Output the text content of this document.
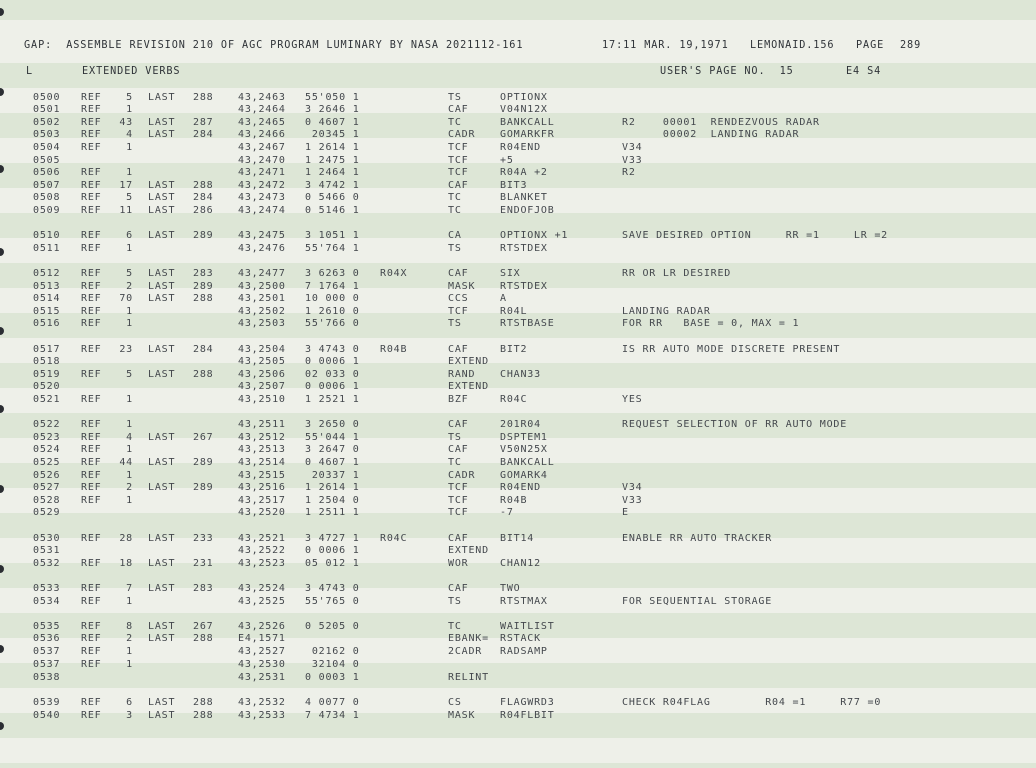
GAP:  ASSEMBLE REVISION 210 OF AGC PROGRAM LUMINARY BY NASA 2021112-161

	17:11 MAR. 19,1971

LEMONAID.156

PAGE

289

L

	EXTENDED VERBS

	USER'S PAGE NO.  15

	E4 S4

0500 REF	5 LAST 288 43,2463 55'050 1	TS	OPTIONX
0501 REF	1	43,2464 3 2646 1	CAF	V04N12X
0502 REF	43 LAST 287 43,2465 0 4607 1	TC	BANKCALL	R2    00001  RENDEZVOUS RADAR
0503 REF	4 LAST 284 43,2466 20345 1	CADR GOMARKFR	00002  LANDING RADAR
0504 REF	1	43,2467 1 2614 1	TCF	R04END	V34
0505	43,2470 1 2475 1	TCF	+5	V33
0506 REF	1	43,2471 1 2464 1	TCF	R04A +2	R2
0507 REF	17 LAST 288 43,2472 3 4742 1	CAF	BIT3
0508 REF	5 LAST 284 43,2473 0 5466 0	TC	BLANKET
0509 REF	11 LAST 286 43,2474 0 5146 1	TC	ENDOFJOB
0510 REF	6 LAST 289 43,2475 3 1051 1	CA	OPTIONX +1	SAVE DESIRED OPTION     RR =1     LR =2
0511 REF	1	43,2476 55'764 1	TS	RTSTDEX
0512 REF	5 LAST 283 43,2477 3 6263 0 R04X	CAF	SIX	RR OR LR DESIRED
0513 REF	2 LAST 289 43,2500 7 1764 1	MASK RTSTDEX
0514 REF	70 LAST 288 43,2501 10 000 0	CCS	A
0515 REF	1	43,2502 1 2610 0	TCF	R04L	LANDING RADAR
0516 REF	1	43,2503 55'766 0	TS	RTSTBASE	FOR RR   BASE = 0, MAX = 1
0517 REF	23 LAST 284 43,2504 3 4743 0 R04B	CAF	BIT2	IS RR AUTO MODE DISCRETE PRESENT
0518	43,2505 0 0006 1	EXTEND
0519 REF	5 LAST 288 43,2506 02 033 0	RAND CHAN33
0520	43,2507 0 0006 1	EXTEND
0521 REF	1	43,2510 1 2521 1	BZF	R04C	YES
0522 REF	1	43,2511 3 2650 0	CAF	201R04	REQUEST SELECTION OF RR AUTO MODE
0523 REF	4 LAST 267 43,2512 55'044 1	TS	DSPTEM1
0524 REF	1	43,2513 3 2647 0	CAF	V50N25X
0525 REF	44 LAST 289 43,2514 0 4607 1	TC	BANKCALL
0526 REF	1	43,2515 20337 1	CADR GOMARK4
0527 REF	2 LAST 289 43,2516 1 2614 1	TCF	R04END	V34
0528 REF	1	43,2517 1 2504 0	TCF	R04B	V33
0529	43,2520 1 2511 1	TCF	-7	E
0530 REF	28 LAST 233 43,2521 3 4727 1 R04C	CAF	BIT14	ENABLE RR AUTO TRACKER
0531	43,2522 0 0006 1	EXTEND
0532 REF	18 LAST 231 43,2523 05 012 1	WOR	CHAN12
0533 REF	7 LAST 283 43,2524 3 4743 0	CAF	TWO
0534 REF	1	43,2525 55'765 0	TS	RTSTMAX	FOR SEQUENTIAL STORAGE
0535 REF	8 LAST 267 43,2526 0 5205 0	TC	WAITLIST
0536 REF	2 LAST 288 E4,1571	EBANK= RSTACK
0537 REF	1	43,2527 02162 0	2CADR RADSAMP
0537 REF	1	43,2530 32104 0
0538	43,2531 0 0003 1	RELINT
0539 REF	6 LAST 288 43,2532 4 0077 0	CS	FLAGWRD3	CHECK R04FLAG        R04 =1     R77 =0
0540 REF	3 LAST 288 43,2533 7 4734 1	MASK R04FLBIT
